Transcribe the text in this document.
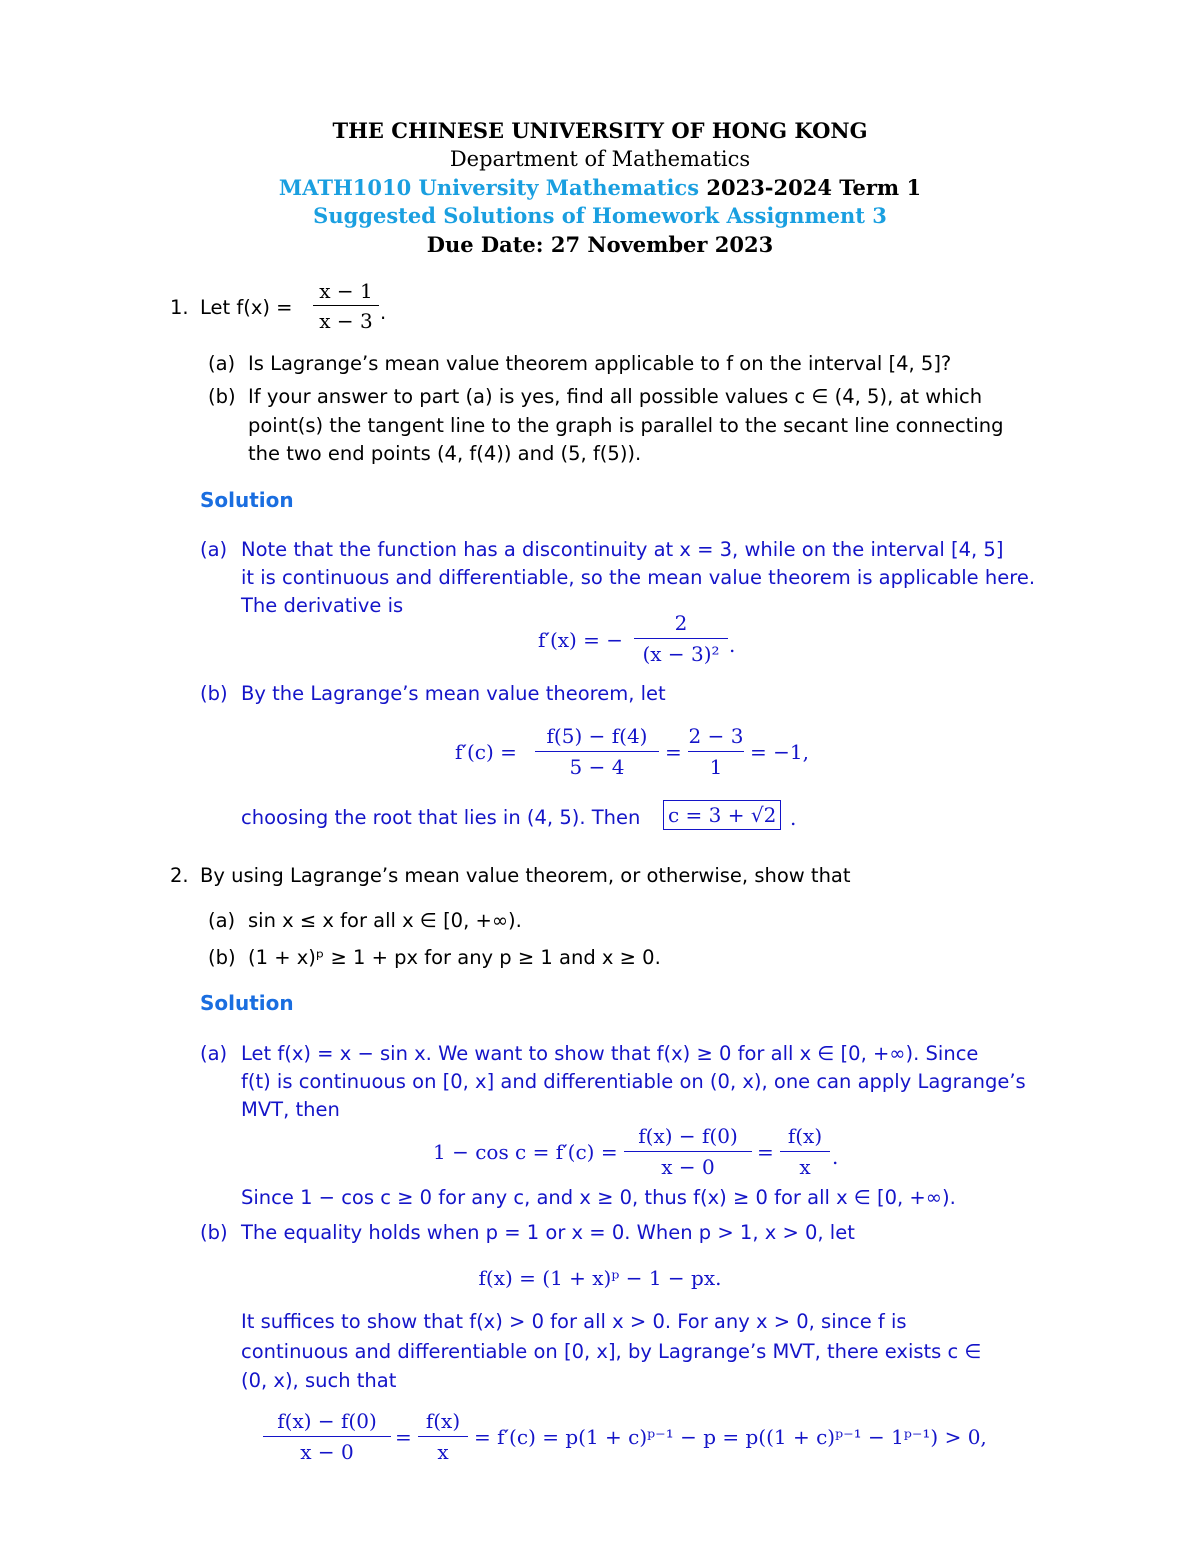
THE CHINESE UNIVERSITY OF HONG KONG
Department of Mathematics
MATH1010 University Mathematics 2023-2024 Term 1
Suggested Solutions of Homework Assignment 3
Due Date: 27 November 2023
1. Let f(x) =
x − 1
x − 3 .
(a) Is Lagrange’s mean value theorem applicable to f on the interval [4, 5]?
(b) If your answer to part (a) is yes, find all possible values c ∈ (4, 5), at which
point(s) the tangent line to the graph is parallel to the secant line connecting
the two end points (4, f(4)) and (5, f(5)).
Solution
(a) Note that the function has a discontinuity at x = 3, while on the interval [4, 5]
it is continuous and differentiable, so the mean value theorem is applicable here.
The derivative is
f′(x) = −
2
(x − 3)² .
(b) By the Lagrange’s mean value theorem, let
f′(c) =
f(5) − f(4)
5 − 4
=
2 − 3
1
= −1,
choosing the root that lies in (4, 5). Then c = 3 + √2 .
2. By using Lagrange’s mean value theorem, or otherwise, show that
(a) sin x ≤ x for all x ∈ [0, +∞).
(b) (1 + x)ᵖ ≥ 1 + px for any p ≥ 1 and x ≥ 0.
Solution
(a) Let f(x) = x − sin x. We want to show that f(x) ≥ 0 for all x ∈ [0, +∞). Since
f(t) is continuous on [0, x] and differentiable on (0, x), one can apply Lagrange’s
MVT, then
1 − cos c = f′(c) =
f(x) − f(0)
x − 0
=
f(x)
x	.
Since 1 − cos c ≥ 0 for any c, and x ≥ 0, thus f(x) ≥ 0 for all x ∈ [0, +∞).
(b) The equality holds when p = 1 or x = 0. When p > 1, x > 0, let
f(x) = (1 + x)ᵖ − 1 − px.
It suffices to show that f(x) > 0 for all x > 0. For any x > 0, since f is
continuous and differentiable on [0, x], by Lagrange’s MVT, there exists c ∈
(0, x), such that
f(x) − f(0)
x − 0
=
f(x)
x
= f′(c) = p(1 + c)ᵖ⁻¹ − p = p((1 + c)ᵖ⁻¹ − 1ᵖ⁻¹) > 0,
